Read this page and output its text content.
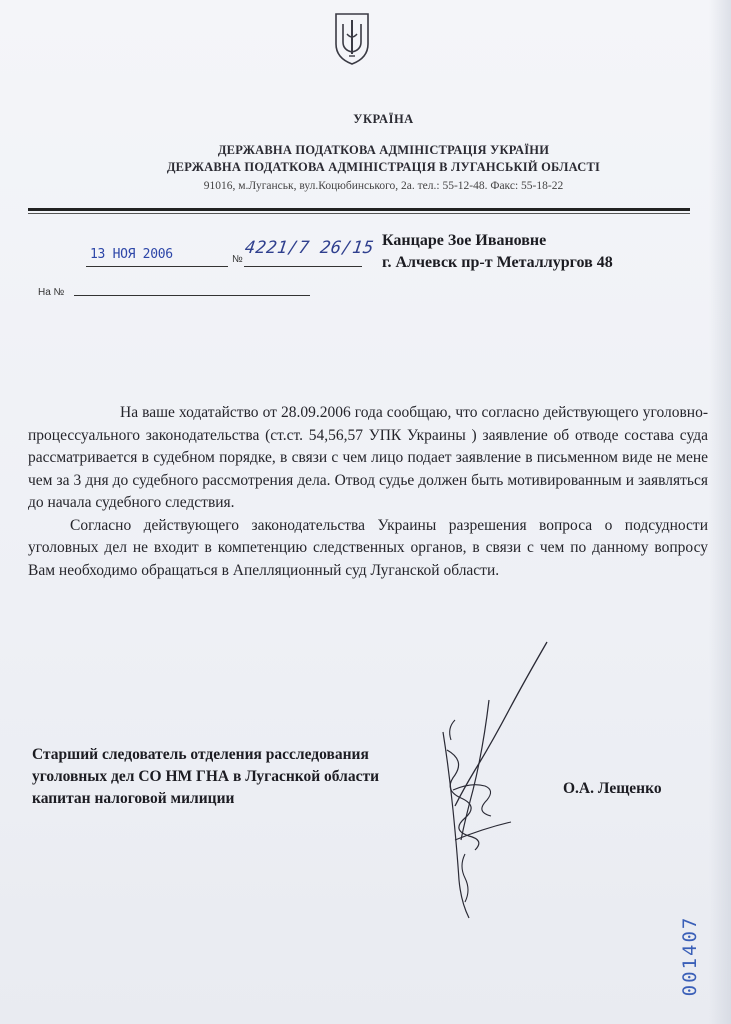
УКРАЇНА
ДЕРЖАВНА ПОДАТКОВА АДМІНІСТРАЦІЯ УКРАЇНИ
ДЕРЖАВНА ПОДАТКОВА АДМІНІСТРАЦІЯ В ЛУГАНСЬКІЙ ОБЛАСТІ
91016, м.Луганськ, вул.Коцюбинського, 2а. тел.: 55-12-48. Факс: 55-18-22
13 НОЯ 2006	№
4221/7 26/15
На №
Канцаре Зое Ивановне
г. Алчевск пр-т Металлургов 48

На ваше ходатайство от 28.09.2006 года сообщаю, что согласно действующего уголовно-процессуального законодательства (ст.ст. 54,56,57 УПК Украины ) заявление об отводе состава суда рассматривается в судебном порядке, в связи с чем лицо подает заявление в письменном виде не мене чем за 3 дня до судебного рассмотрения дела. Отвод судье должен быть мотивированным и заявляться до начала судебного следствия.

Согласно действующего законодательства Украины разрешения вопроса о подсудности уголовных дел не входит в компетенцию следственных органов, в связи с чем по данному вопросу Вам необходимо обращаться в Апелляционный суд Луганской области.

Старший следователь отделения расследования
уголовных дел СО НМ ГНА в Лугаснкой области
капитан налоговой милиции
О.А. Лещенко
001407
